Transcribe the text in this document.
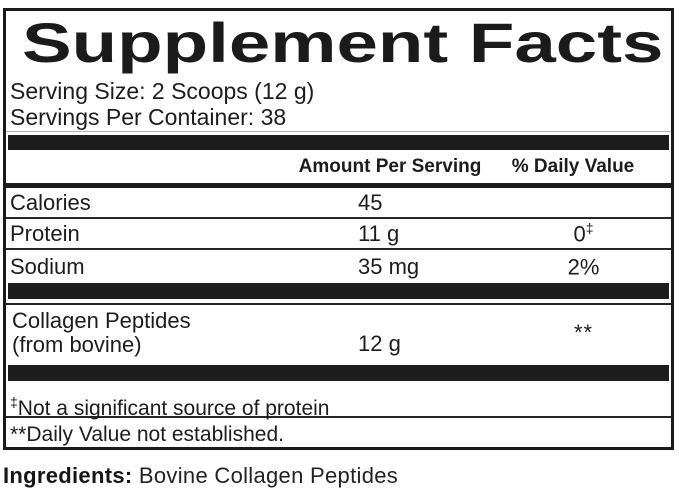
Supplement Facts
Serving Size: 2 Scoops (12 g)
Servings Per Container: 38
Amount Per Serving % Daily Value
Calories	45
Protein	11 g	0‡
Sodium	35 mg	2%
Collagen Peptides
(from bovine)	12 g	**
‡Not a significant source of protein
**Daily Value not established.
Ingredients: Bovine Collagen Peptides
